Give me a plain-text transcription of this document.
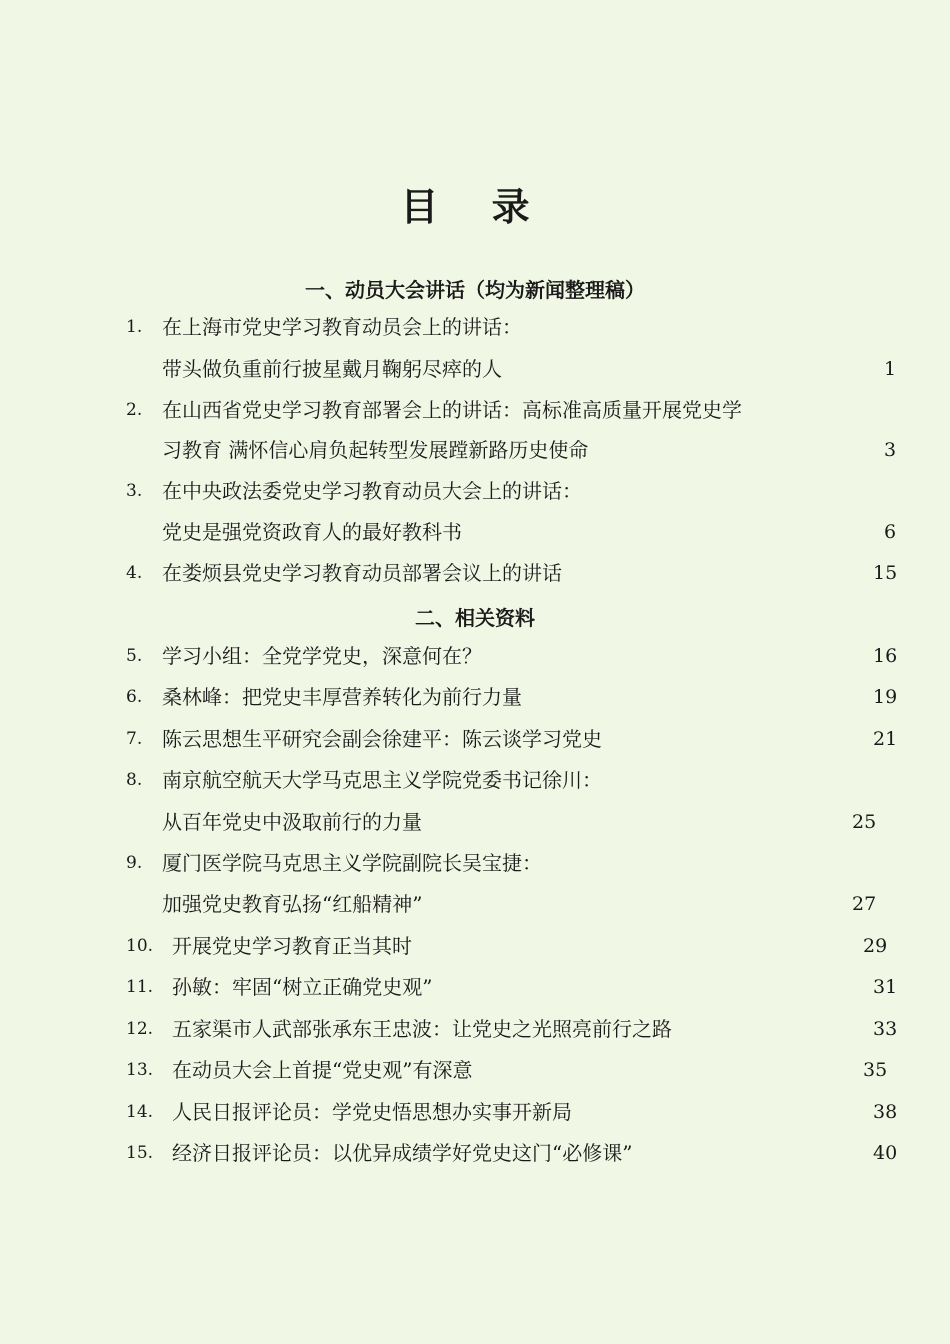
目 录
一、动员大会讲话（均为新闻整理稿）
1. 在上海市党史学习教育动员会上的讲话：
带头做负重前行披星戴月鞠躬尽瘁的人	1
2. 在山西省党史学习教育部署会上的讲话：高标准高质量开展党史学
习教育 满怀信心肩负起转型发展蹚新路历史使命	3
3. 在中央政法委党史学习教育动员大会上的讲话：
党史是强党资政育人的最好教科书	6
4. 在娄烦县党史学习教育动员部署会议上的讲话	15
二、相关资料
5. 学习小组：全党学党史，深意何在？	16
6. 桑林峰：把党史丰厚营养转化为前行力量	19
7. 陈云思想生平研究会副会徐建平：陈云谈学习党史	21
8. 南京航空航天大学马克思主义学院党委书记徐川：
从百年党史中汲取前行的力量	25
9. 厦门医学院马克思主义学院副院长吴宝捷：
加强党史教育弘扬“红船精神”	27
10. 开展党史学习教育正当其时	29
11. 孙敏：牢固“树立正确党史观”	31
12. 五家渠市人武部张承东王忠波：让党史之光照亮前行之路	33
13. 在动员大会上首提“党史观”有深意	35
14. 人民日报评论员：学党史悟思想办实事开新局	38
15. 经济日报评论员：以优异成绩学好党史这门“必修课”	40
